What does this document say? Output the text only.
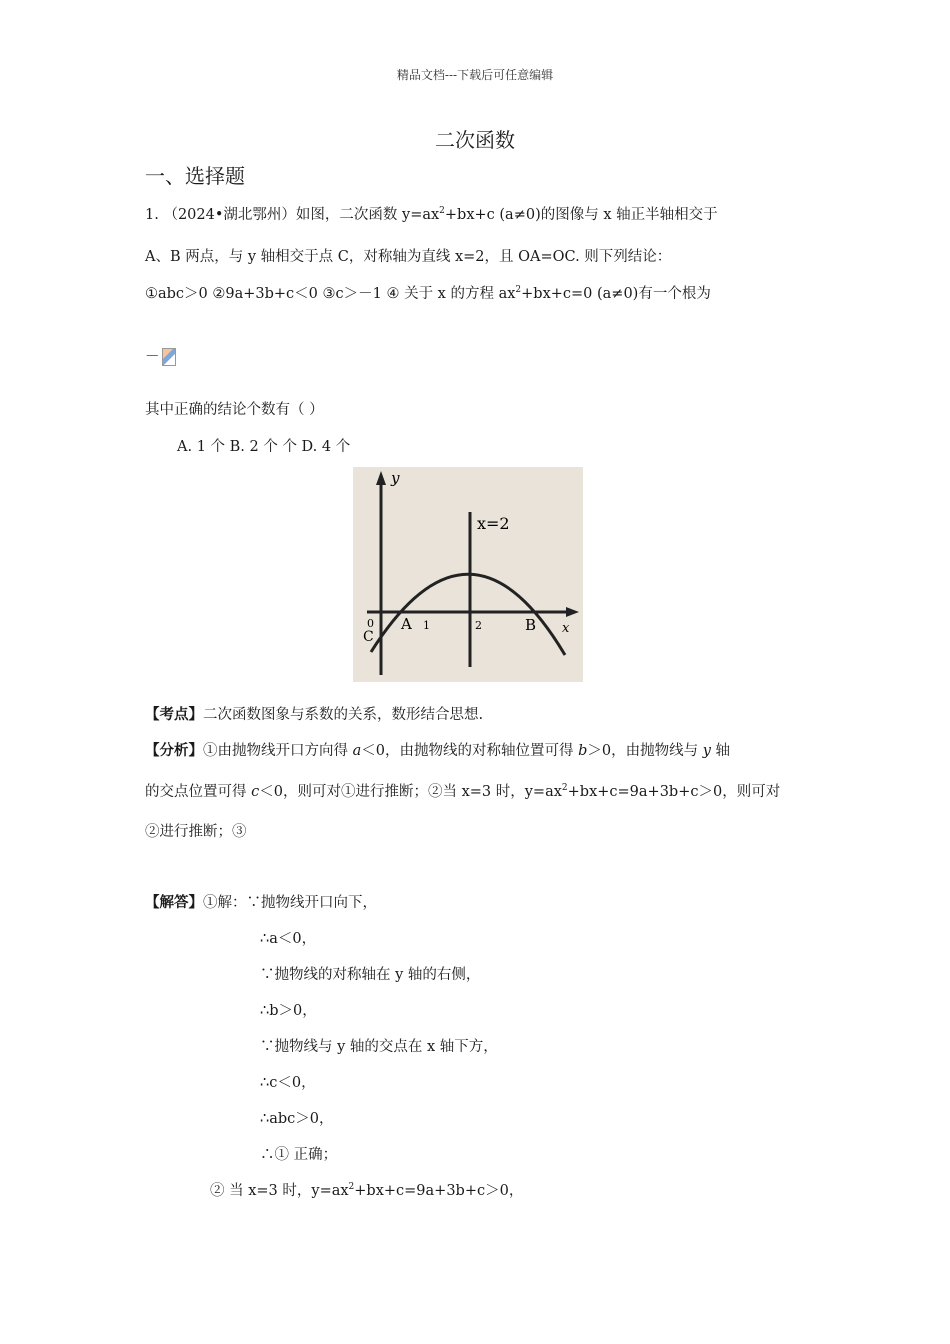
精品文档---下载后可任意编辑
二次函数
一、选择题
1. （2024•湖北鄂州）如图，二次函数 $y=ax^2+bx+c$ (a≠0)的图像与 x 轴正半轴相交于
A、B 两点，与 y 轴相交于点 C，对称轴为直线 x=2，且 OA=OC. 则下列结论：
①abc＞0 ②9a+3b+c＜0 ③c＞－1 ④ 关于 x 的方程 $ax^2+bx+c=0$ (a≠0)有一个根为
－
其中正确的结论个数有（ ）
A. 1 个 B. 2 个 个 D. 4 个
y
x=2
0
C
A 1	2	B x
【考点】二次函数图象与系数的关系，数形结合思想.
【分析】①由抛物线开口方向得 a＜0，由抛物线的对称轴位置可得 b＞0，由抛物线与 y 轴
的交点位置可得 c＜0，则可对①进行推断；②当 x=3 时，$y=ax^2+bx+c=9a+3b+c>0$，则可对
②进行推断；③
【解答】①解：∵抛物线开口向下，
∴a＜0，
∵抛物线的对称轴在 y 轴的右侧，
∴b＞0，
∵抛物线与 y 轴的交点在 x 轴下方，
∴c＜0，
∴abc＞0，
∴① 正确；
② 当 x=3 时，$y=ax^2+bx+c=9a+3b+c>0$，
